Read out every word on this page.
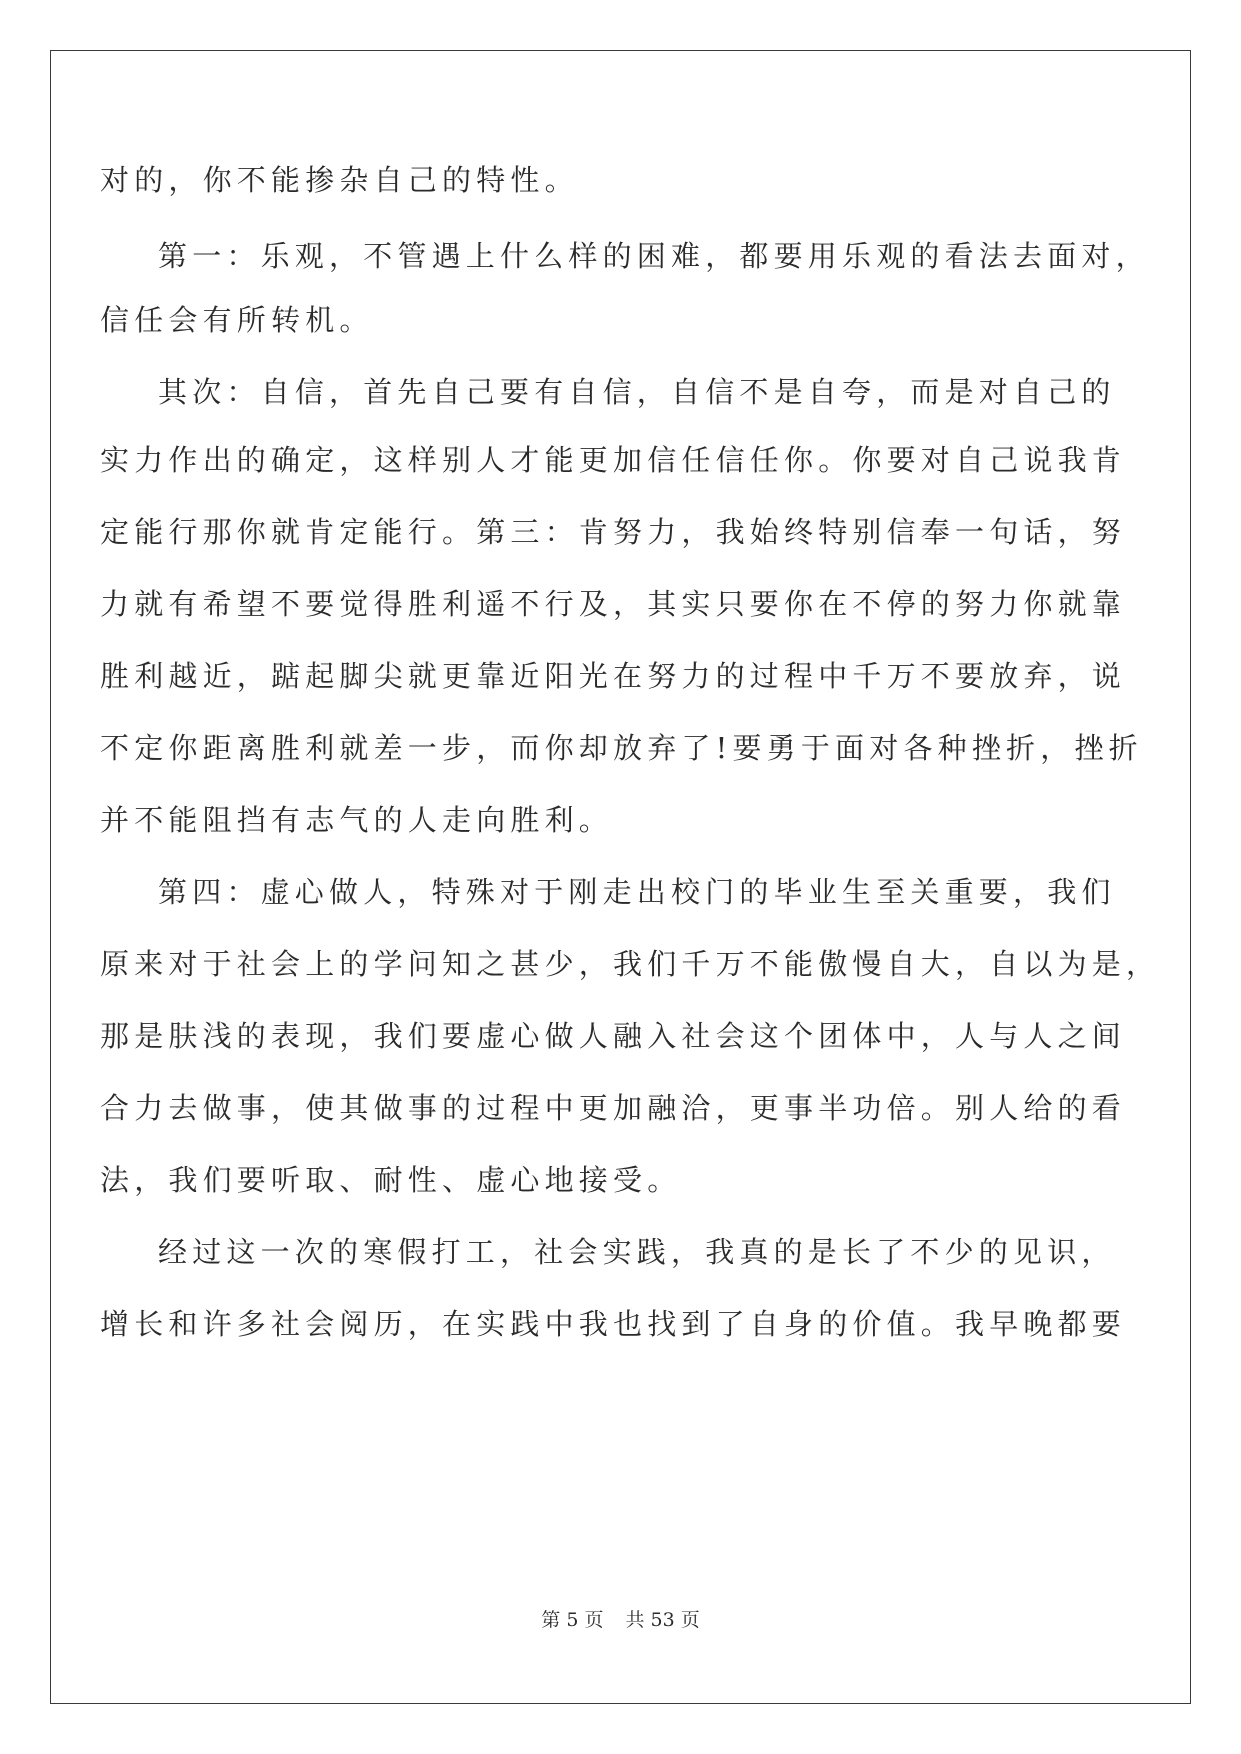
对的，你不能掺杂自己的特性。
第一：乐观，不管遇上什么样的困难，都要用乐观的看法去面对，
信任会有所转机。
其次：自信，首先自己要有自信，自信不是自夸，而是对自己的
实力作出的确定，这样别人才能更加信任信任你。你要对自己说我肯
定能行那你就肯定能行。第三：肯努力，我始终特别信奉一句话，努
力就有希望不要觉得胜利遥不行及，其实只要你在不停的努力你就靠
胜利越近，踮起脚尖就更靠近阳光在努力的过程中千万不要放弃，说
不定你距离胜利就差一步，而你却放弃了!要勇于面对各种挫折，挫折
并不能阻挡有志气的人走向胜利。
第四：虚心做人，特殊对于刚走出校门的毕业生至关重要，我们
原来对于社会上的学问知之甚少，我们千万不能傲慢自大，自以为是，
那是肤浅的表现，我们要虚心做人融入社会这个团体中，人与人之间
合力去做事，使其做事的过程中更加融洽，更事半功倍。别人给的看
法，我们要听取、耐性、虚心地接受。
经过这一次的寒假打工，社会实践，我真的是长了不少的见识，
增长和许多社会阅历，在实践中我也找到了自身的价值。我早晚都要
第 5 页 共 53 页
